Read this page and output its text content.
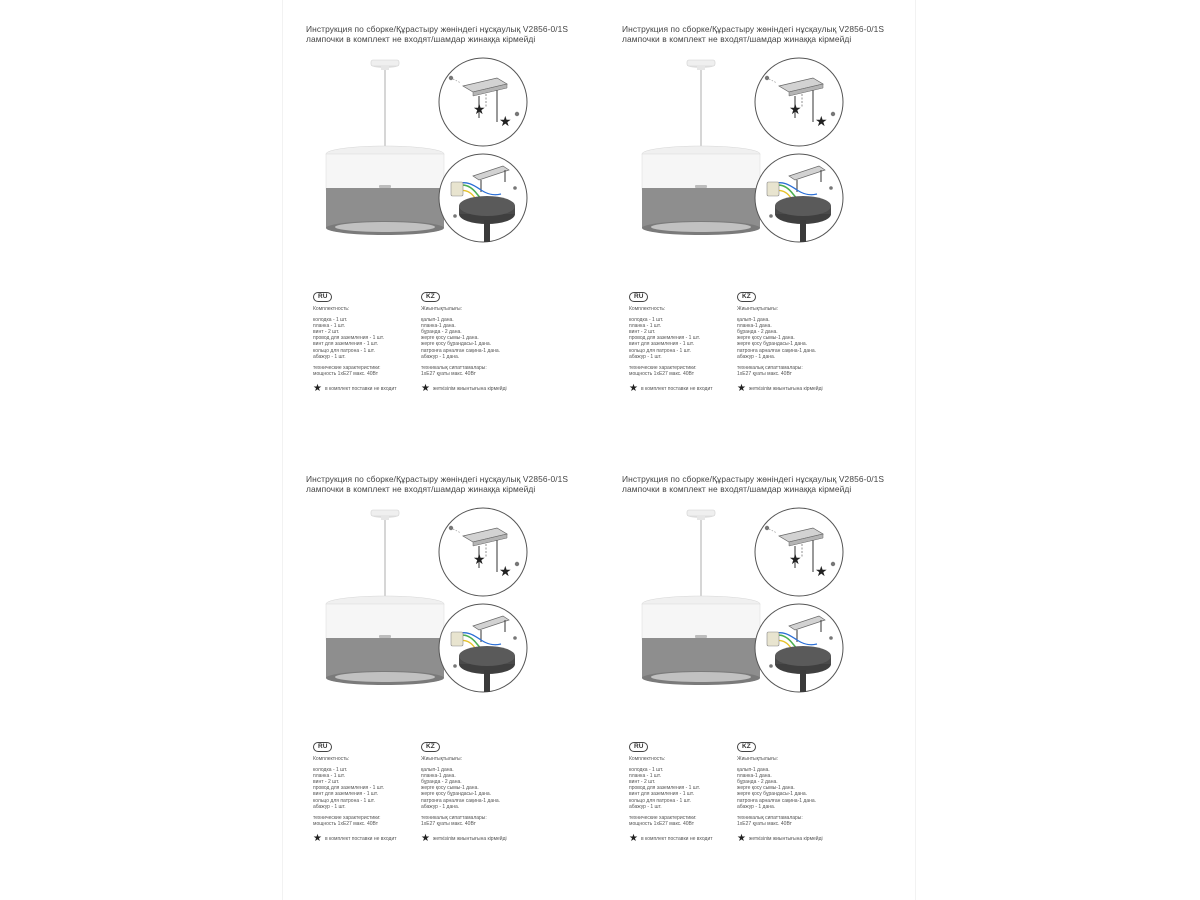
Инструкция по сборке/Құрастыру жөніндегі нұсқаулық V2856-0/1S
лампочки в комплект не входят/шамдар жинаққа кірмейді
★
★
RU
Комплектность:
колодка - 1 шт.
планка - 1 шт.
винт - 2 шт.
провод для заземления - 1 шт.
винт для заземления - 1 шт.
кольцо для патрона - 1 шт.
абажур - 1 шт.
технические характеристики:
мощность 1xE27 макс. 40Вт
★ в комплект поставки не входит
KZ
Жиынтықтылығы:
қалып-1 дана.
планка-1 дана.
бұранда - 2 дана.
жерге қосу сымы-1 дана.
жерге қосу бұрандасы-1 дана.
патронға арналған сақина-1 дана.
абажур - 1 дана.
техникалық сипаттамалары:
1xE27 қуаты макс. 40Вт
★ жеткізілім жиынтығына кірмейді
Инструкция по сборке/Құрастыру жөніндегі нұсқаулық V2856-0/1S
лампочки в комплект не входят/шамдар жинаққа кірмейді
★
★
RU
Комплектность:
колодка - 1 шт.
планка - 1 шт.
винт - 2 шт.
провод для заземления - 1 шт.
винт для заземления - 1 шт.
кольцо для патрона - 1 шт.
абажур - 1 шт.
технические характеристики:
мощность 1xE27 макс. 40Вт
★ в комплект поставки не входит
KZ
Жиынтықтылығы:
қалып-1 дана.
планка-1 дана.
бұранда - 2 дана.
жерге қосу сымы-1 дана.
жерге қосу бұрандасы-1 дана.
патронға арналған сақина-1 дана.
абажур - 1 дана.
техникалық сипаттамалары:
1xE27 қуаты макс. 40Вт
★ жеткізілім жиынтығына кірмейді
Инструкция по сборке/Құрастыру жөніндегі нұсқаулық V2856-0/1S
лампочки в комплект не входят/шамдар жинаққа кірмейді
★
★
RU
Комплектность:
колодка - 1 шт.
планка - 1 шт.
винт - 2 шт.
провод для заземления - 1 шт.
винт для заземления - 1 шт.
кольцо для патрона - 1 шт.
абажур - 1 шт.
технические характеристики:
мощность 1xE27 макс. 40Вт
★ в комплект поставки не входит
KZ
Жиынтықтылығы:
қалып-1 дана.
планка-1 дана.
бұранда - 2 дана.
жерге қосу сымы-1 дана.
жерге қосу бұрандасы-1 дана.
патронға арналған сақина-1 дана.
абажур - 1 дана.
техникалық сипаттамалары:
1xE27 қуаты макс. 40Вт
★ жеткізілім жиынтығына кірмейді
Инструкция по сборке/Құрастыру жөніндегі нұсқаулық V2856-0/1S
лампочки в комплект не входят/шамдар жинаққа кірмейді
★
★
RU
Комплектность:
колодка - 1 шт.
планка - 1 шт.
винт - 2 шт.
провод для заземления - 1 шт.
винт для заземления - 1 шт.
кольцо для патрона - 1 шт.
абажур - 1 шт.
технические характеристики:
мощность 1xE27 макс. 40Вт
★ в комплект поставки не входит
KZ
Жиынтықтылығы:
қалып-1 дана.
планка-1 дана.
бұранда - 2 дана.
жерге қосу сымы-1 дана.
жерге қосу бұрандасы-1 дана.
патронға арналған сақина-1 дана.
абажур - 1 дана.
техникалық сипаттамалары:
1xE27 қуаты макс. 40Вт
★ жеткізілім жиынтығына кірмейді
